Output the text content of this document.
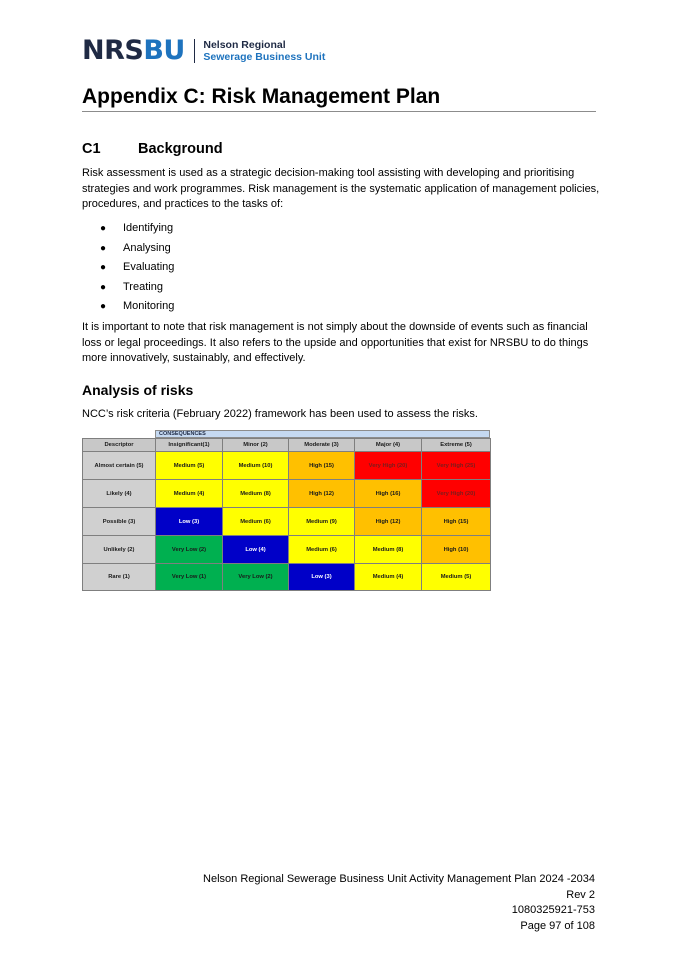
NRSBU Nelson Regional
Sewerage Business Unit
Appendix C: Risk Management Plan
C1	Background

Risk assessment is used as a strategic decision-making tool assisting with developing and prioritising strategies and work programmes. Risk management is the systematic application of management policies, procedures, and practices to the tasks of:

●	Identifying
●	Analysing
●	Evaluating
●	Treating
●	Monitoring

It is important to note that risk management is not simply about the downside of events such as financial loss or legal proceedings. It also refers to the upside and opportunities that exist for NRSBU to do things more innovatively, sustainably, and effectively.

Analysis of risks

NCC’s risk criteria (February 2022) framework has been used to assess the risks.

CONSEQUENCES
Descriptor	Insignificant(1)	Minor (2)	Moderate (3)	Major (4)	Extreme (5)
Almost certain (5)	Medium (5)	Medium (10)	High (15)	Very High (20)	Very High (25)
Likely (4)	Medium (4)	Medium (8)	High (12)	High (16)	Very High (20)
Possible (3)	Low (3)	Medium (6)	Medium (9)	High (12)	High (15)
Unlikely (2)	Very Low (2)	Low (4)	Medium (6)	Medium (8)	High (10)
Rare (1)	Very Low (1)	Very Low (2)	Low (3)	Medium (4)	Medium (5)
Nelson Regional Sewerage Business Unit Activity Management Plan 2024 -2034
Rev 2
1080325921-753
Page 97 of 108
